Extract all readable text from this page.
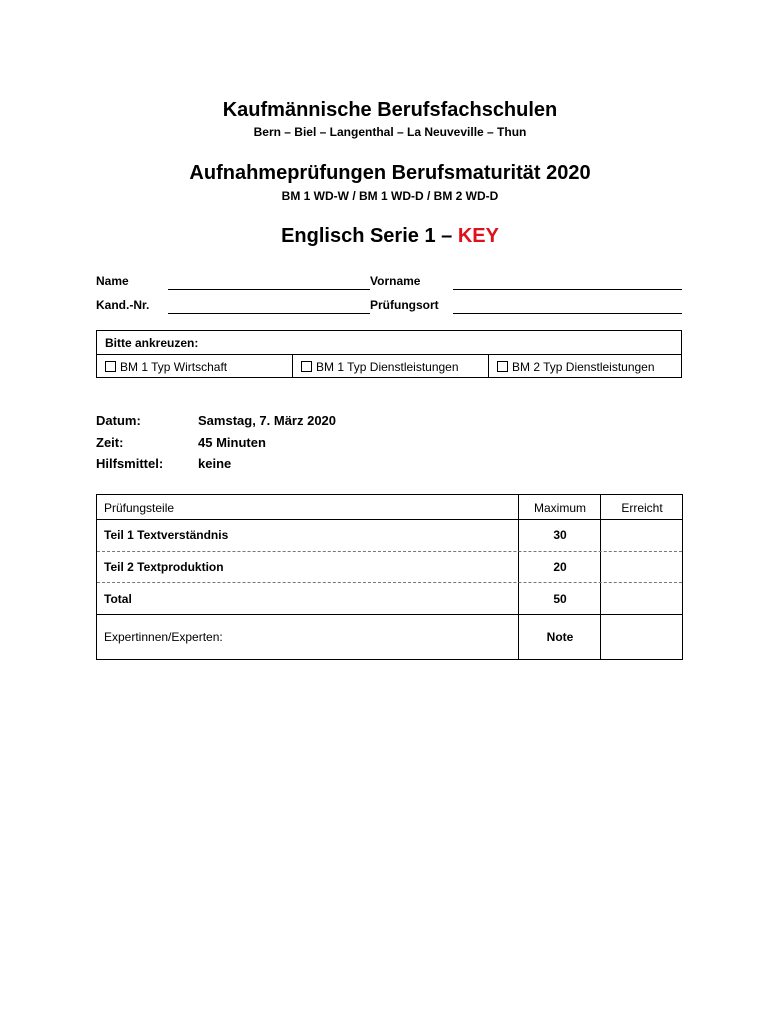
Kaufmännische Berufsfachschulen
Bern – Biel – Langenthal – La Neuveville – Thun
Aufnahmeprüfungen Berufsmaturität 2020
BM 1 WD-W / BM 1 WD-D / BM 2 WD-D
Englisch Serie 1 – KEY
Name	Vorname
Kand.-Nr.	Prüfungsort
Bitte ankreuzen:
BM 1 Typ Wirtschaft	BM 1 Typ Dienstleistungen	BM 2 Typ Dienstleistungen
Datum:	Samstag, 7. März 2020
Zeit:	45 Minuten
Hilfsmittel:	keine
Prüfungsteile	Maximum	Erreicht
Teil 1 Textverständnis	30
Teil 2 Textproduktion	20
Total	50
Expertinnen/Experten:	Note
